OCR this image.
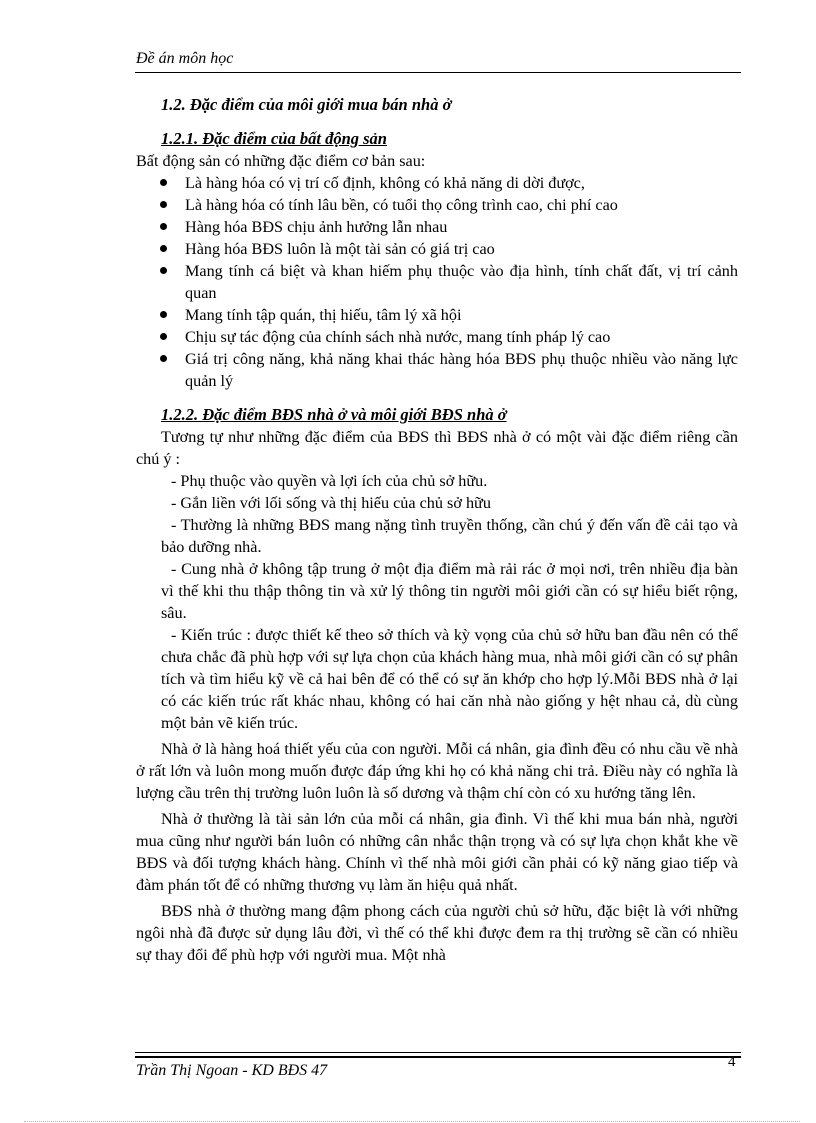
Đề án môn học
1.2. Đặc điểm của môi giới mua bán nhà ở
1.2.1. Đặc điểm của bất động sản

Bất động sản có những đặc điểm cơ bản sau:

Là hàng hóa có vị trí cố định, không có khả năng di dời được,
Là hàng hóa có tính lâu bền, có tuổi thọ công trình cao, chi phí cao
Hàng hóa BĐS chịu ảnh hưởng lẫn nhau
Hàng hóa BĐS luôn là một tài sản có giá trị cao
Mang tính cá biệt và khan hiếm phụ thuộc vào địa hình, tính chất đất, vị trí cảnh quan
Mang tính tập quán, thị hiếu, tâm lý xã hội
Chịu sự tác động của chính sách nhà nước, mang tính pháp lý cao
Giá trị công năng, khả năng khai thác hàng hóa BĐS phụ thuộc nhiều vào năng lực quản lý
1.2.2. Đặc điểm BĐS nhà ở và môi giới BĐS nhà ở

Tương tự như những đặc điểm của BĐS thì BĐS nhà ở có một vài đặc điểm riêng cần chú ý :

- Phụ thuộc vào quyền và lợi ích của chủ sở hữu.

- Gắn liền với lối sống và thị hiếu của chủ sở hữu

- Thường là những BĐS mang nặng tình truyền thống, cần chú ý đến vấn đề cải tạo và bảo dưỡng nhà.

- Cung nhà ở không tập trung ở một địa điểm mà rải rác ở mọi nơi, trên nhiều địa bàn vì thế khi thu thập thông tin và xử lý thông tin người môi giới cần có sự hiểu biết rộng, sâu.

- Kiến trúc : được thiết kế theo sở thích và kỳ vọng của chủ sở hữu ban đầu nên có thể chưa chắc đã phù hợp với sự lựa chọn của khách hàng mua, nhà môi giới cần có sự phân tích và tìm hiểu kỹ về cả hai bên để có thể có sự ăn khớp cho hợp lý.Mỗi BĐS nhà ở lại có các kiến trúc rất khác nhau, không có hai căn nhà nào giống y hệt nhau cả, dù cùng một bản vẽ kiến trúc.

Nhà ở là hàng hoá thiết yếu của con người. Mỗi cá nhân, gia đình đều có nhu cầu về nhà ở rất lớn và luôn mong muốn được đáp ứng khi họ có khả năng chi trả. Điều này có nghĩa là lượng cầu trên thị trường luôn luôn là số dương và thậm chí còn có xu hướng tăng lên.

Nhà ở thường là tài sản lớn của mỗi cá nhân, gia đình. Vì thế khi mua bán nhà, người mua cũng như người bán luôn có những cân nhắc thận trọng và có sự lựa chọn khắt khe về BĐS và đối tượng khách hàng. Chính vì thế nhà môi giới cần phải có kỹ năng giao tiếp và đàm phán tốt để có những thương vụ làm ăn hiệu quả nhất.

BĐS nhà ở thường mang đậm phong cách của người chủ sở hữu, đặc biệt là với những ngôi nhà đã được sử dụng lâu đời, vì thế có thể khi được đem ra thị trường sẽ cần có nhiều sự thay đổi để phù hợp với người mua. Một nhà

Trần Thị Ngoan - KD BĐS 47	4
